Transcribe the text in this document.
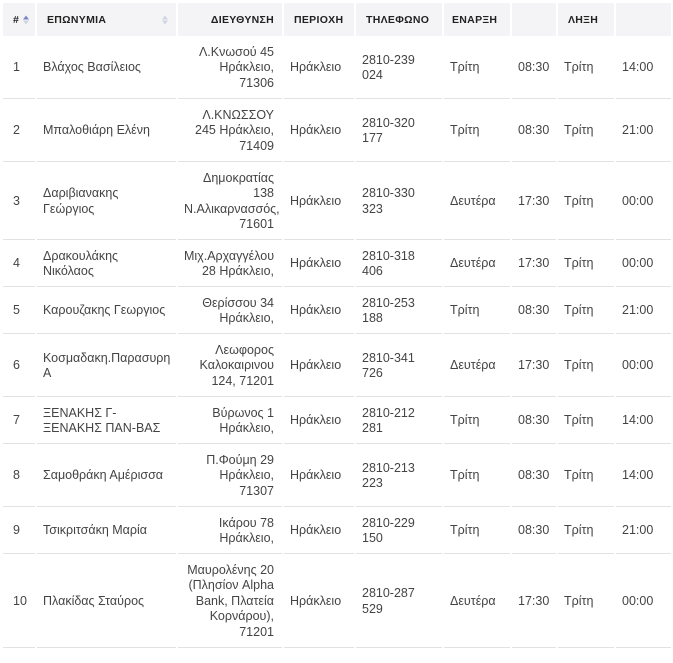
#	ΕΠΩΝΥΜΙΑ	ΔΙΕΥΘΥΝΣΗ	ΠΕΡΙΟΧΗ	ΤΗΛΕΦΩΝΟ	ΕΝΑΡΞΗ		ΛΗΞΗ	
1	Βλάχος Βασίλειος	Λ.Κνωσού 45 Ηράκλειο, 71306	Ηράκλειο	2810-239 024	Τρίτη	08:30	Τρίτη	14:00
2	Μπαλοθιάρη Ελένη	Λ.ΚΝΩΣΣΟΥ 245 Ηράκλειο, 71409	Ηράκλειο	2810-320 177	Τρίτη	08:30	Τρίτη	21:00
3	Δαριβιανακης Γεώργιος	Δημοκρατίας 138 Ν.Αλικαρνασσός, 71601	Ηράκλειο	2810-330 323	Δευτέρα	17:30	Τρίτη	00:00
4	Δρακουλάκης Νικόλαος	Μιχ.Αρχαγγέλου 28 Ηράκλειο,	Ηράκλειο	2810-318 406	Δευτέρα	17:30	Τρίτη	00:00
5	Καρουζακης Γεωργιος	Θερίσσου 34 Ηράκλειο,	Ηράκλειο	2810-253 188	Τρίτη	08:30	Τρίτη	21:00
6	Κοσμαδακη.Παρασυρη Α	Λεωφορος Καλοκαιρινου 124, 71201	Ηράκλειο	2810-341 726	Δευτέρα	17:30	Τρίτη	00:00
7	ΞΕΝΑΚΗΣ Γ-ΞΕΝΑΚΗΣ ΠΑΝ-ΒΑΣ	Βύρωνος 1 Ηράκλειο,	Ηράκλειο	2810-212 281	Τρίτη	08:30	Τρίτη	14:00
8	Σαμοθράκη Αμέρισσα	Π.Φούμη 29 Ηράκλειο, 71307	Ηράκλειο	2810-213 223	Τρίτη	08:30	Τρίτη	14:00
9	Τσικριτσάκη Μαρία	Ικάρου 78 Ηράκλειο,	Ηράκλειο	2810-229 150	Τρίτη	08:30	Τρίτη	21:00
10	Πλακίδας Σταύρος	Μαυρολένης 20 (Πλησίον Alpha Bank, Πλατεία Κορνάρου), 71201	Ηράκλειο	2810-287 529	Δευτέρα	17:30	Τρίτη	00:00
